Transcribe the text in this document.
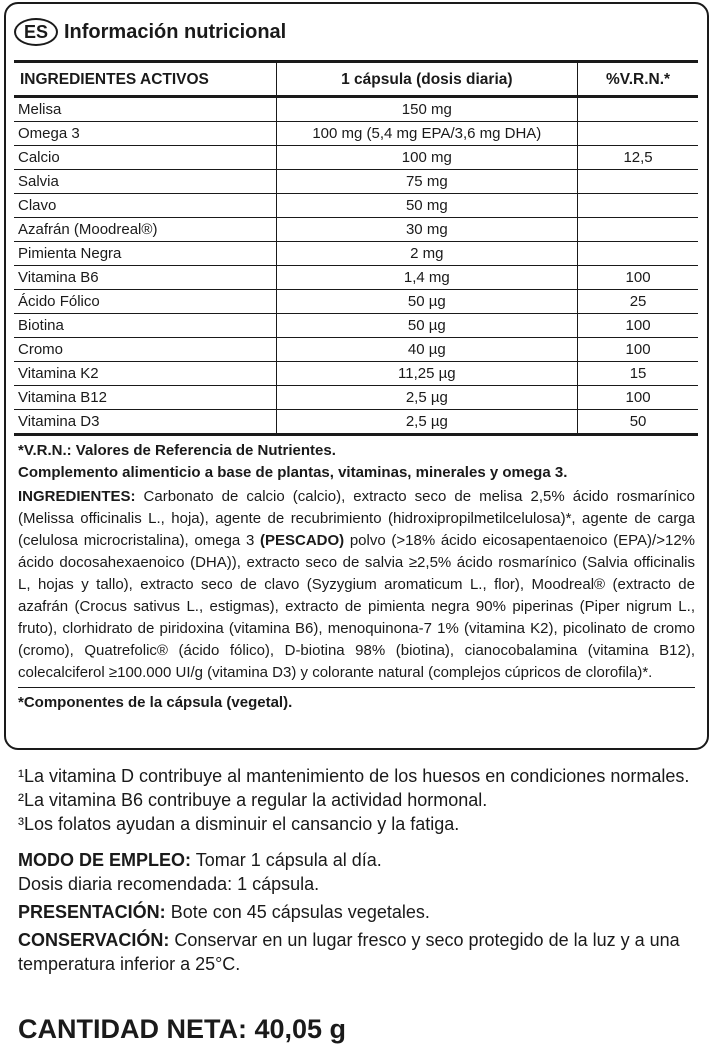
ES Información nutricional
INGREDIENTES ACTIVOS	1 cápsula (dosis diaria)	%V.R.N.*
Melisa	150 mg	
Omega 3	100 mg (5,4 mg EPA/3,6 mg DHA)	
Calcio	100 mg	12,5
Salvia	75 mg	
Clavo	50 mg	
Azafrán (Moodreal®)	30 mg	
Pimienta Negra	2 mg	
Vitamina B6	1,4 mg	100
Ácido Fólico	50 µg	25
Biotina	50 µg	100
Cromo	40 µg	100
Vitamina K2	11,25 µg	15
Vitamina B12	2,5 µg	100
Vitamina D3	2,5 µg	50
*V.R.N.: Valores de Referencia de Nutrientes.
Complemento alimenticio a base de plantas, vitaminas, minerales y omega 3.
INGREDIENTES: Carbonato de calcio (calcio), extracto seco de melisa 2,5% ácido rosmarínico (Melissa officinalis L., hoja), agente de recubrimiento (hidroxipropilmetilcelulosa)*, agente de carga (celulosa microcristalina), omega 3 (PESCADO) polvo (>18% ácido eicosapentaenoico (EPA)/>12% ácido docosahexaenoico (DHA)), extracto seco de salvia ≥2,5% ácido rosmarínico (Salvia officinalis L, hojas y tallo), extracto seco de clavo (Syzygium aromaticum L., flor), Moodreal® (extracto de azafrán (Crocus sativus L., estigmas), extracto de pimienta negra 90% piperinas (Piper nigrum L., fruto), clorhidrato de piridoxina (vitamina B6), menoquinona-7 1% (vitamina K2), picolinato de cromo (cromo), Quatrefolic® (ácido fólico), D-biotina 98% (biotina), cianocobalamina (vitamina B12), colecalciferol ≥100.000 UI/g (vitamina D3) y colorante natural (complejos cúpricos de clorofila)*.
*Componentes de la cápsula (vegetal).

¹La vitamina D contribuye al mantenimiento de los huesos en condiciones normales.

²La vitamina B6 contribuye a regular la actividad hormonal.

³Los folatos ayudan a disminuir el cansancio y la fatiga.

MODO DE EMPLEO: Tomar 1 cápsula al día.

Dosis diaria recomendada: 1 cápsula.

PRESENTACIÓN: Bote con 45 cápsulas vegetales.

CONSERVACIÓN: Conservar en un lugar fresco y seco protegido de la luz y a una temperatura inferior a 25°C.

CANTIDAD NETA: 40,05 g
